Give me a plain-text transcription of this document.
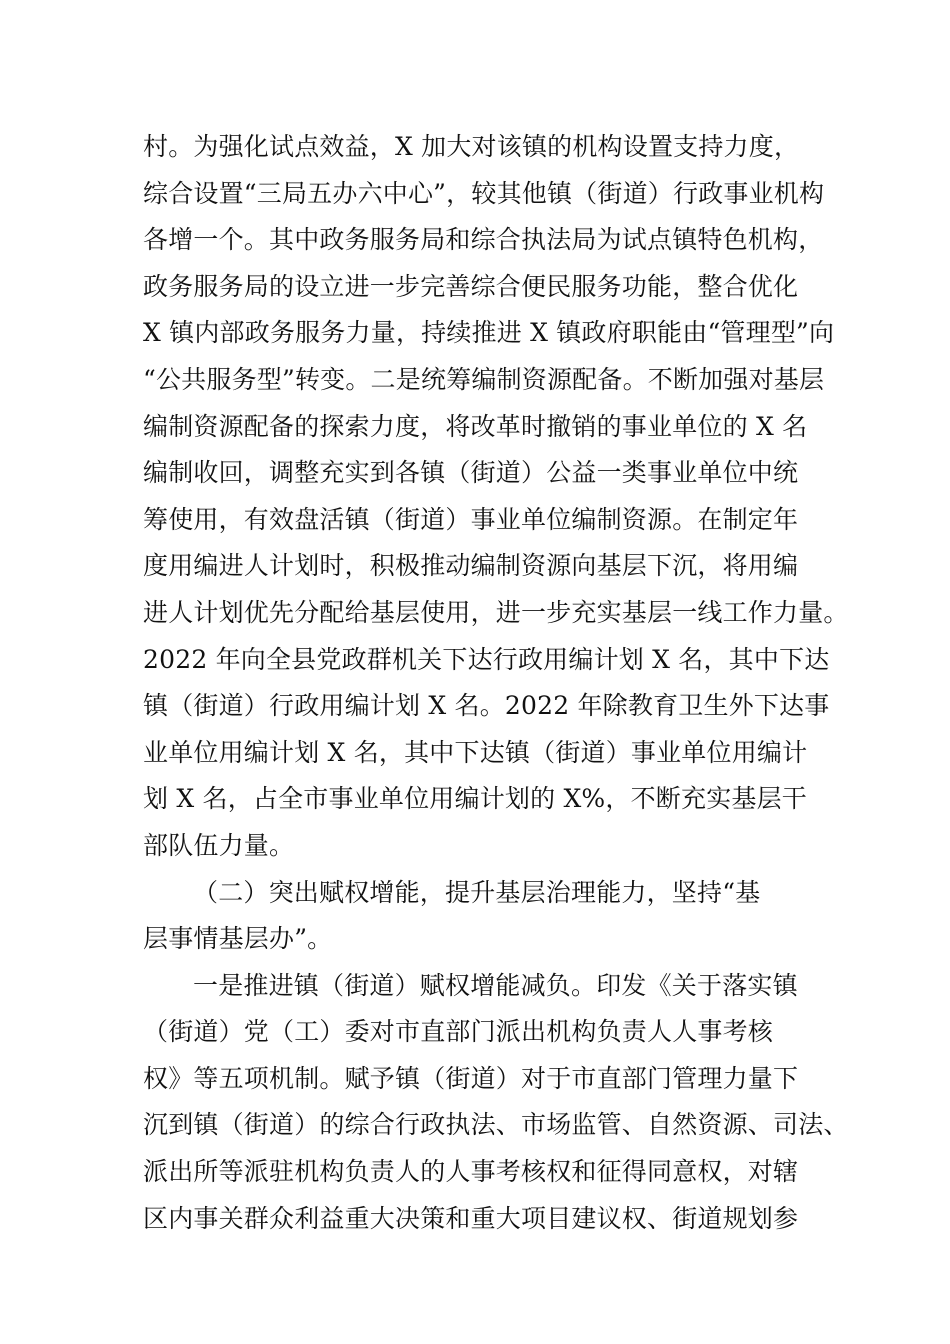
村。为强化试点效益，X 加大对该镇的机构设置支持力度，
综合设置“三局五办六中心”，较其他镇（街道）行政事业机构
各增一个。其中政务服务局和综合执法局为试点镇特色机构，
政务服务局的设立进一步完善综合便民服务功能，整合优化
X 镇内部政务服务力量，持续推进 X 镇政府职能由“管理型”向
“公共服务型”转变。二是统筹编制资源配备。不断加强对基层
编制资源配备的探索力度，将改革时撤销的事业单位的 X 名
编制收回，调整充实到各镇（街道）公益一类事业单位中统
筹使用，有效盘活镇（街道）事业单位编制资源。在制定年
度用编进人计划时，积极推动编制资源向基层下沉，将用编
进人计划优先分配给基层使用，进一步充实基层一线工作力量。
2022 年向全县党政群机关下达行政用编计划 X 名，其中下达
镇（街道）行政用编计划 X 名。2022 年除教育卫生外下达事
业单位用编计划 X 名，其中下达镇（街道）事业单位用编计
划 X 名，占全市事业单位用编计划的 X%，不断充实基层干
部队伍力量。
（二）突出赋权增能，提升基层治理能力，坚持“基
层事情基层办”。
一是推进镇（街道）赋权增能减负。印发《关于落实镇
（街道）党（工）委对市直部门派出机构负责人人事考核
权》等五项机制。赋予镇（街道）对于市直部门管理力量下
沉到镇（街道）的综合行政执法、市场监管、自然资源、司法、
派出所等派驻机构负责人的人事考核权和征得同意权，对辖
区内事关群众利益重大决策和重大项目建议权、街道规划参
